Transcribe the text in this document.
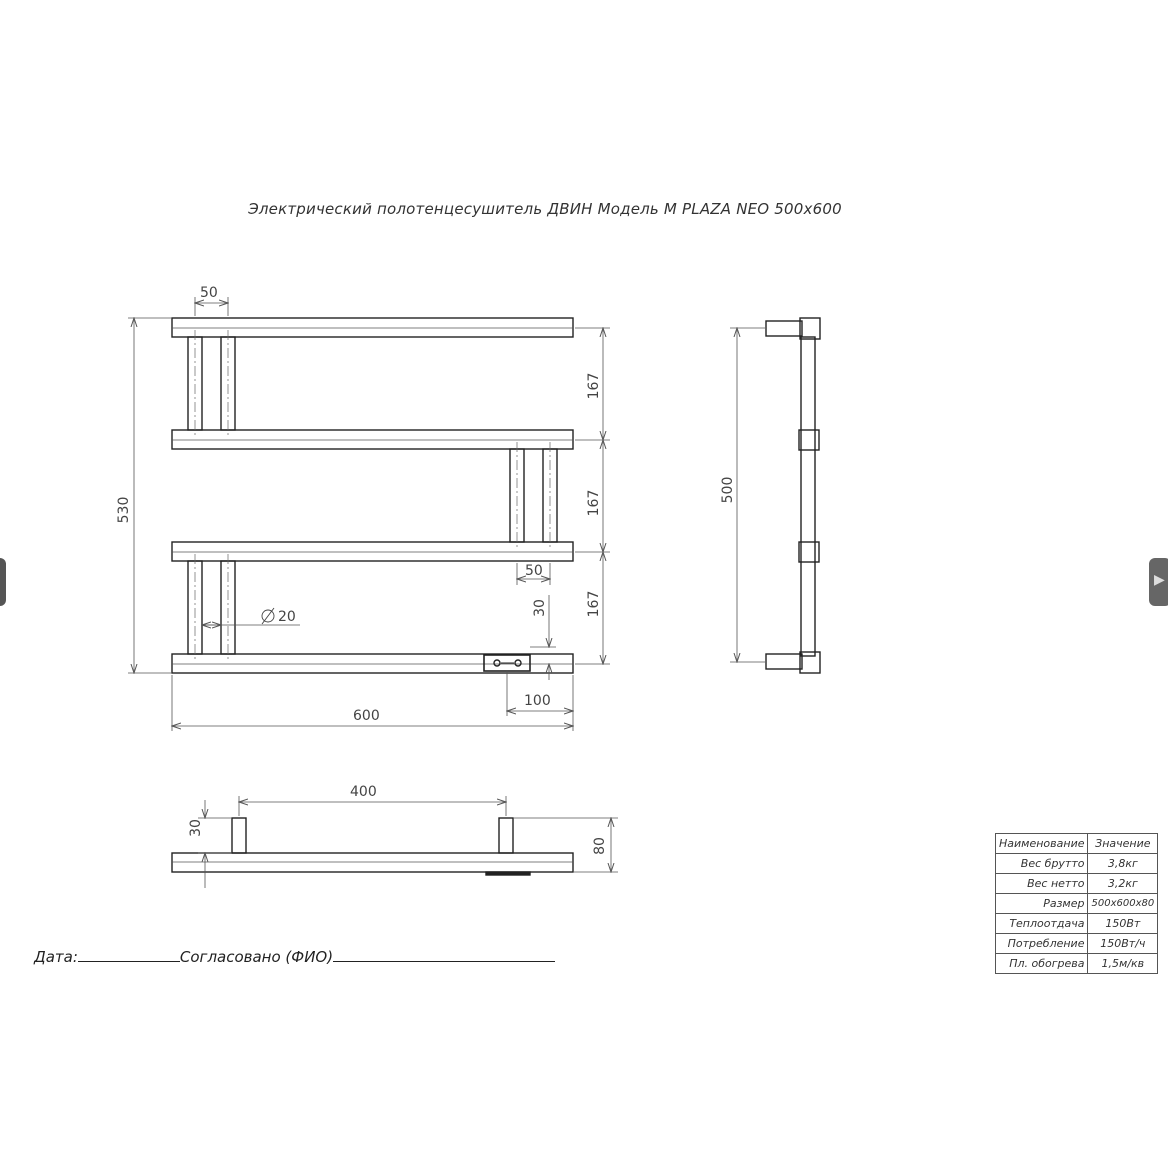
Электрический полотенцесушитель ДВИН Модель M PLAZA NEO 500x600
50
530
167
167
167
50
20
30
100
600
500
400
30
80
Дата:	Согласовано (ФИО)
Наименование	Значение
Вес брутто	3,8кг
Вес нетто	3,2кг
Размер	500x600x80
Теплоотдача	150Вт
Потребление	150Вт/ч
Пл. обогрева	1,5м/кв
▶
